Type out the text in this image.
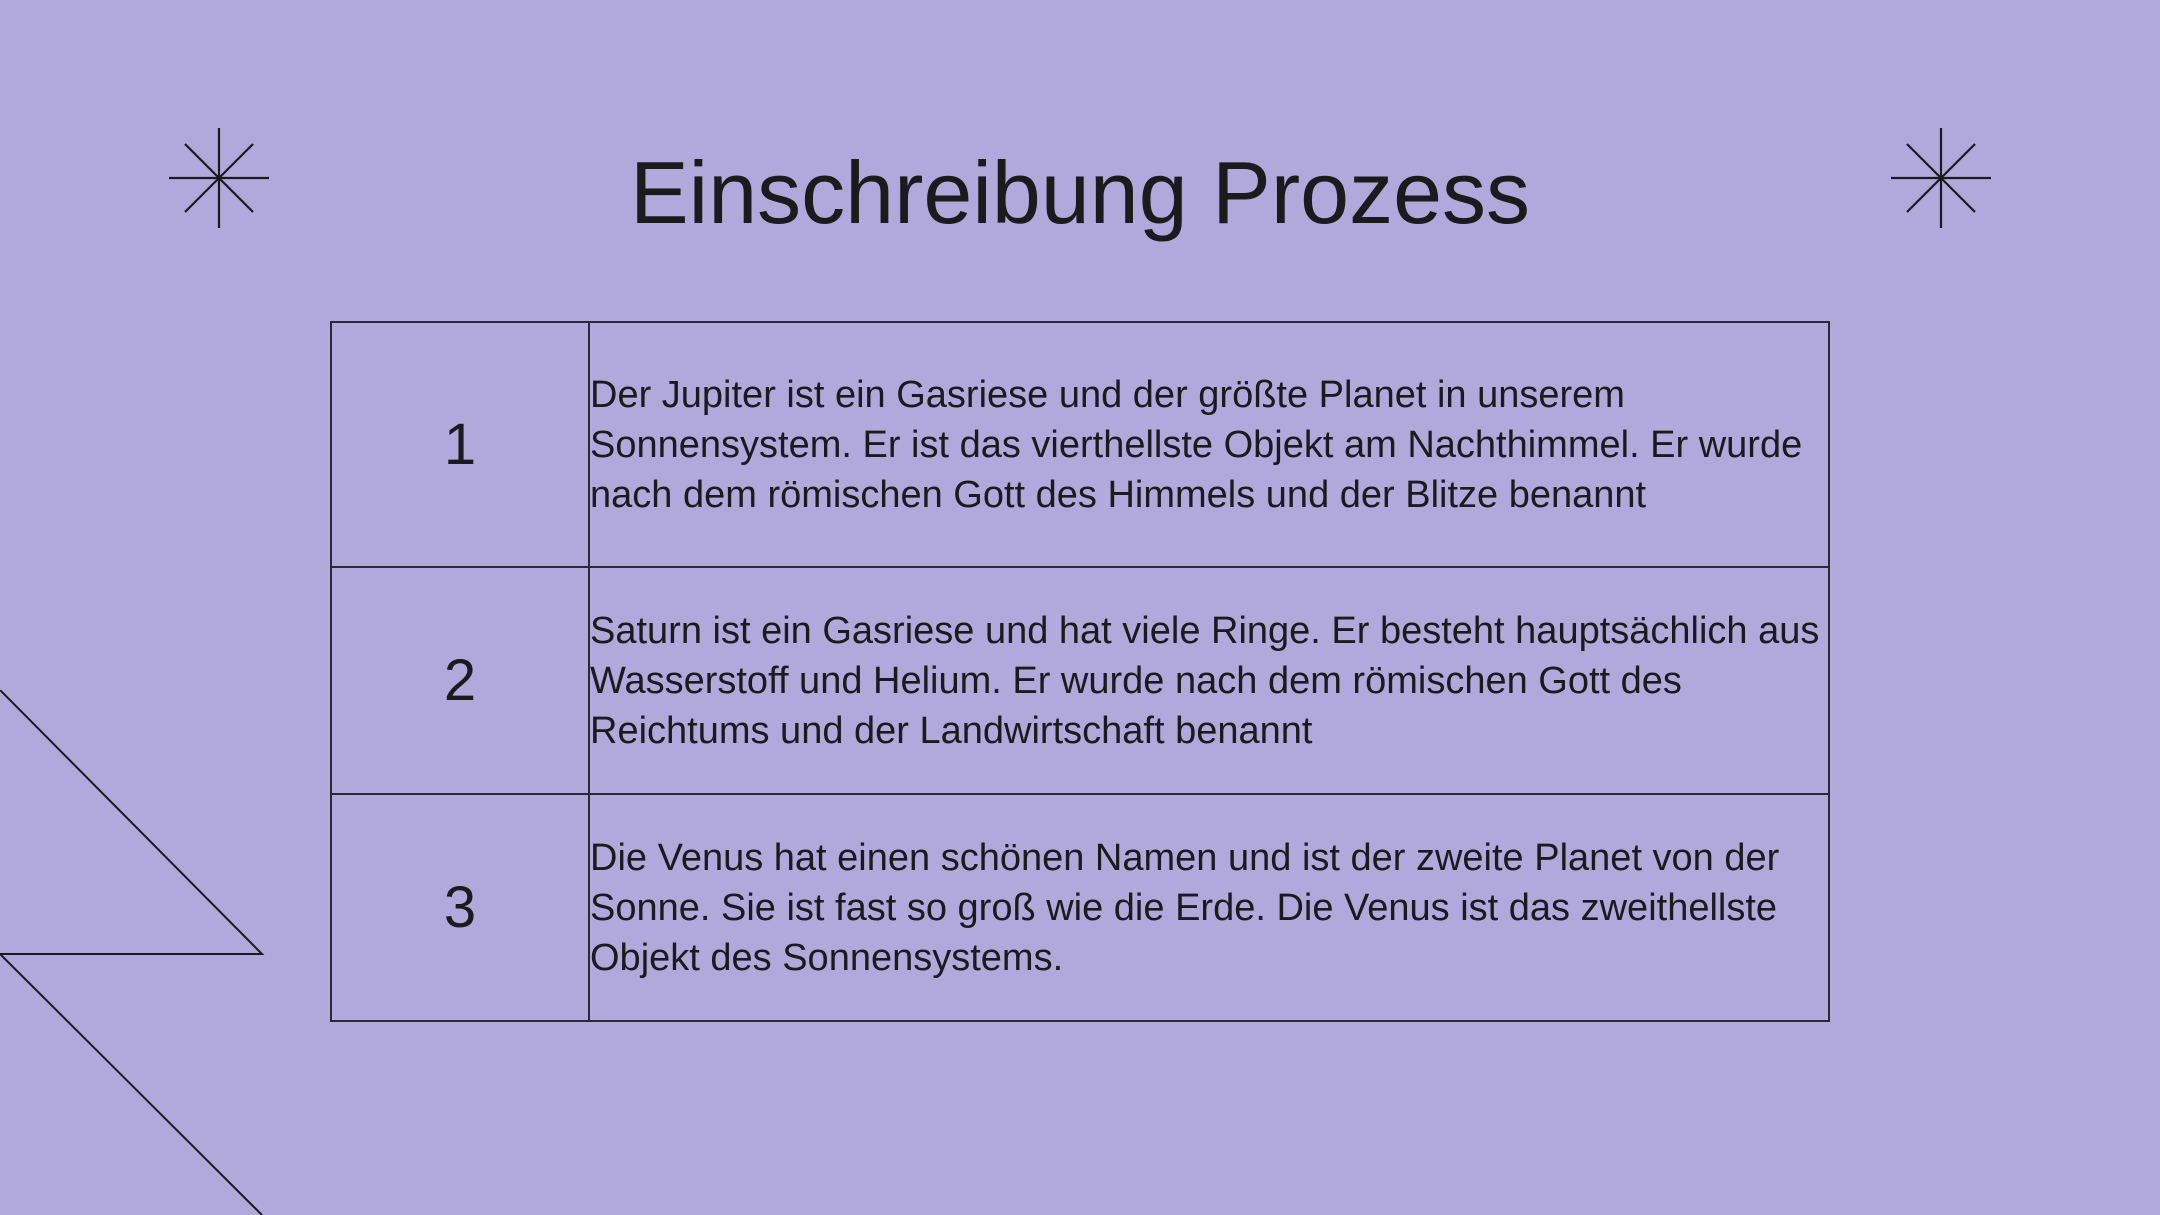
Einschreibung Prozess
1	Der Jupiter ist ein Gasriese und der größte Planet in unserem Sonnensystem. Er ist das vierthellste Objekt am Nachthimmel. Er wurde nach dem römischen Gott des Himmels und der Blitze benannt
2	Saturn ist ein Gasriese und hat viele Ringe. Er besteht hauptsächlich aus Wasserstoff und Helium. Er wurde nach dem römischen Gott des Reichtums und der Landwirtschaft benannt
3	Die Venus hat einen schönen Namen und ist der zweite Planet von der Sonne. Sie ist fast so groß wie die Erde. Die Venus ist das zweithellste Objekt des Sonnensystems.
